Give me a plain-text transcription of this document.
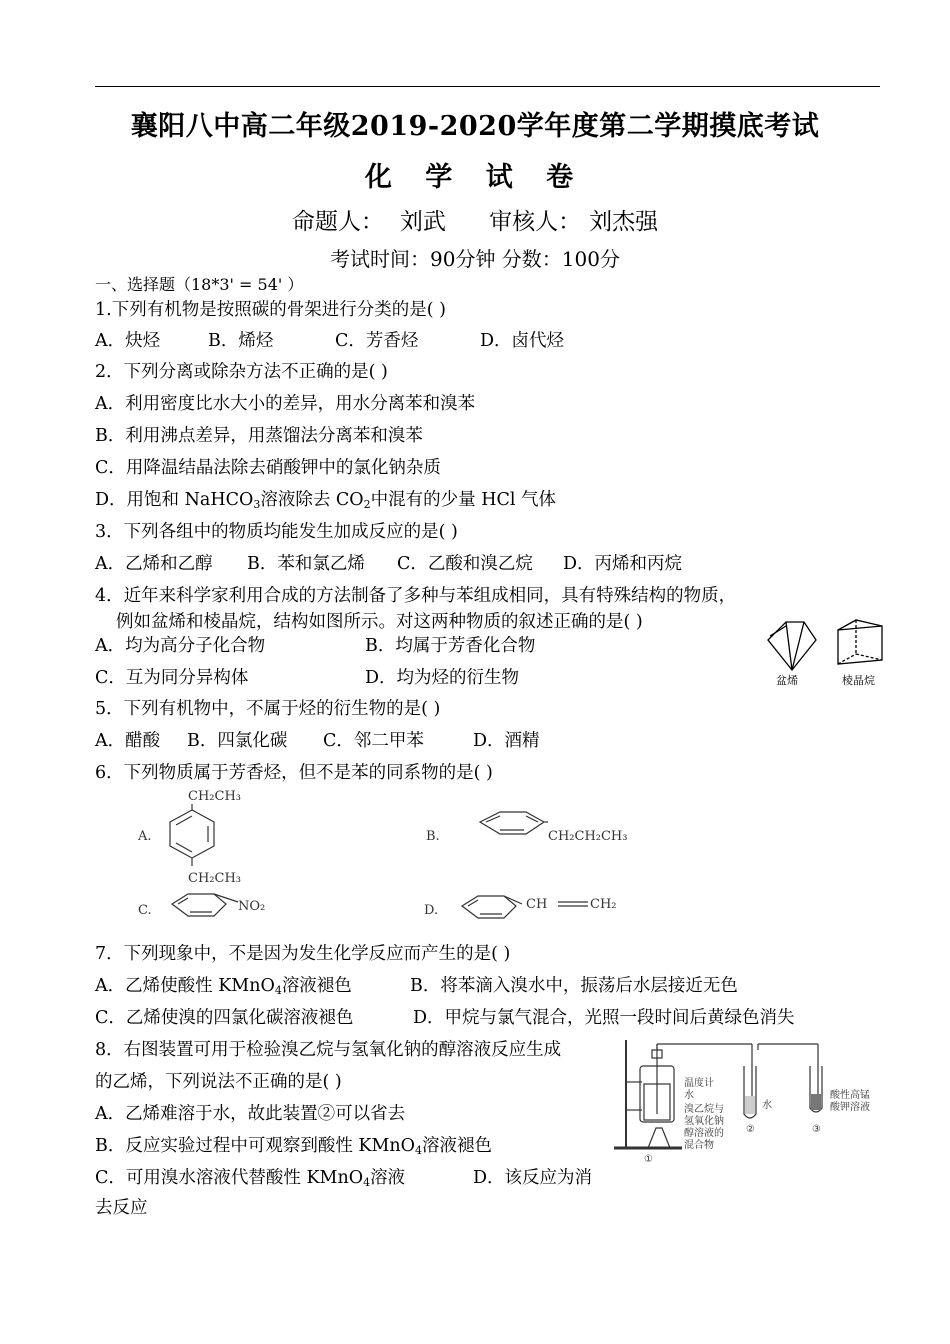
襄阳八中高二年级2019-2020学年度第二学期摸底考试
化 学 试 卷
命题人： 刘武 审核人： 刘杰强
考试时间：90分钟 分数：100分
一、选择题（18*3' = 54' ）
1.下列有机物是按照碳的骨架进行分类的是( )
A．炔烃	B．烯烃	C．芳香烃	D．卤代烃
2．下列分离或除杂方法不正确的是( )
A．利用密度比水大小的差异，用水分离苯和溴苯
B．利用沸点差异，用蒸馏法分离苯和溴苯
C．用降温结晶法除去硝酸钾中的氯化钠杂质
D．用饱和 NaHCO$_3$溶液除去 $CO_2$中混有的少量 HCl 气体
3．下列各组中的物质均能发生加成反应的是( )
A．乙烯和乙醇 B．苯和氯乙烯 C．乙酸和溴乙烷 D．丙烯和丙烷
4．近年来科学家利用合成的方法制备了多种与苯组成相同，具有特殊结构的物质，
例如盆烯和棱晶烷，结构如图所示。对这两种物质的叙述正确的是( )
A．均为高分子化合物	B．均属于芳香化合物
C．互为同分异构体	D．均为烃的衍生物	盆烯	棱晶烷
5．下列有机物中，不属于烃的衍生物的是( )
A．醋酸 B．四氯化碳 C．邻二甲苯	D．酒精
6．下列物质属于芳香烃，但不是苯的同系物的是( )
A.
CH₂CH₃
CH₂CH₃
B.	CH₂CH₂CH₃
C.	NO₂	D.	CH	CH₂
7．下列现象中，不是因为发生化学反应而产生的是( )
A．乙烯使酸性 KMnO$_4$溶液褪色	B．将苯滴入溴水中，振荡后水层接近无色
C．乙烯使溴的四氯化碳溶液褪色	D．甲烷与氯气混合，光照一段时间后黄绿色消失
8．右图装置可用于检验溴乙烷与氢氧化钠的醇溶液反应生成
的乙烯，下列说法不正确的是( )
A．乙烯难溶于水，故此装置②可以省去
B．反应实验过程中可观察到酸性 KMnO$_4$溶液褪色
C．可用溴水溶液代替酸性 KMnO$_4$溶液	D．该反应为消
去反应
温度计
水
溴乙烷与
氢氧化钠
醇溶液的
混合物
水
酸性高锰
酸钾溶液
①
②	③
